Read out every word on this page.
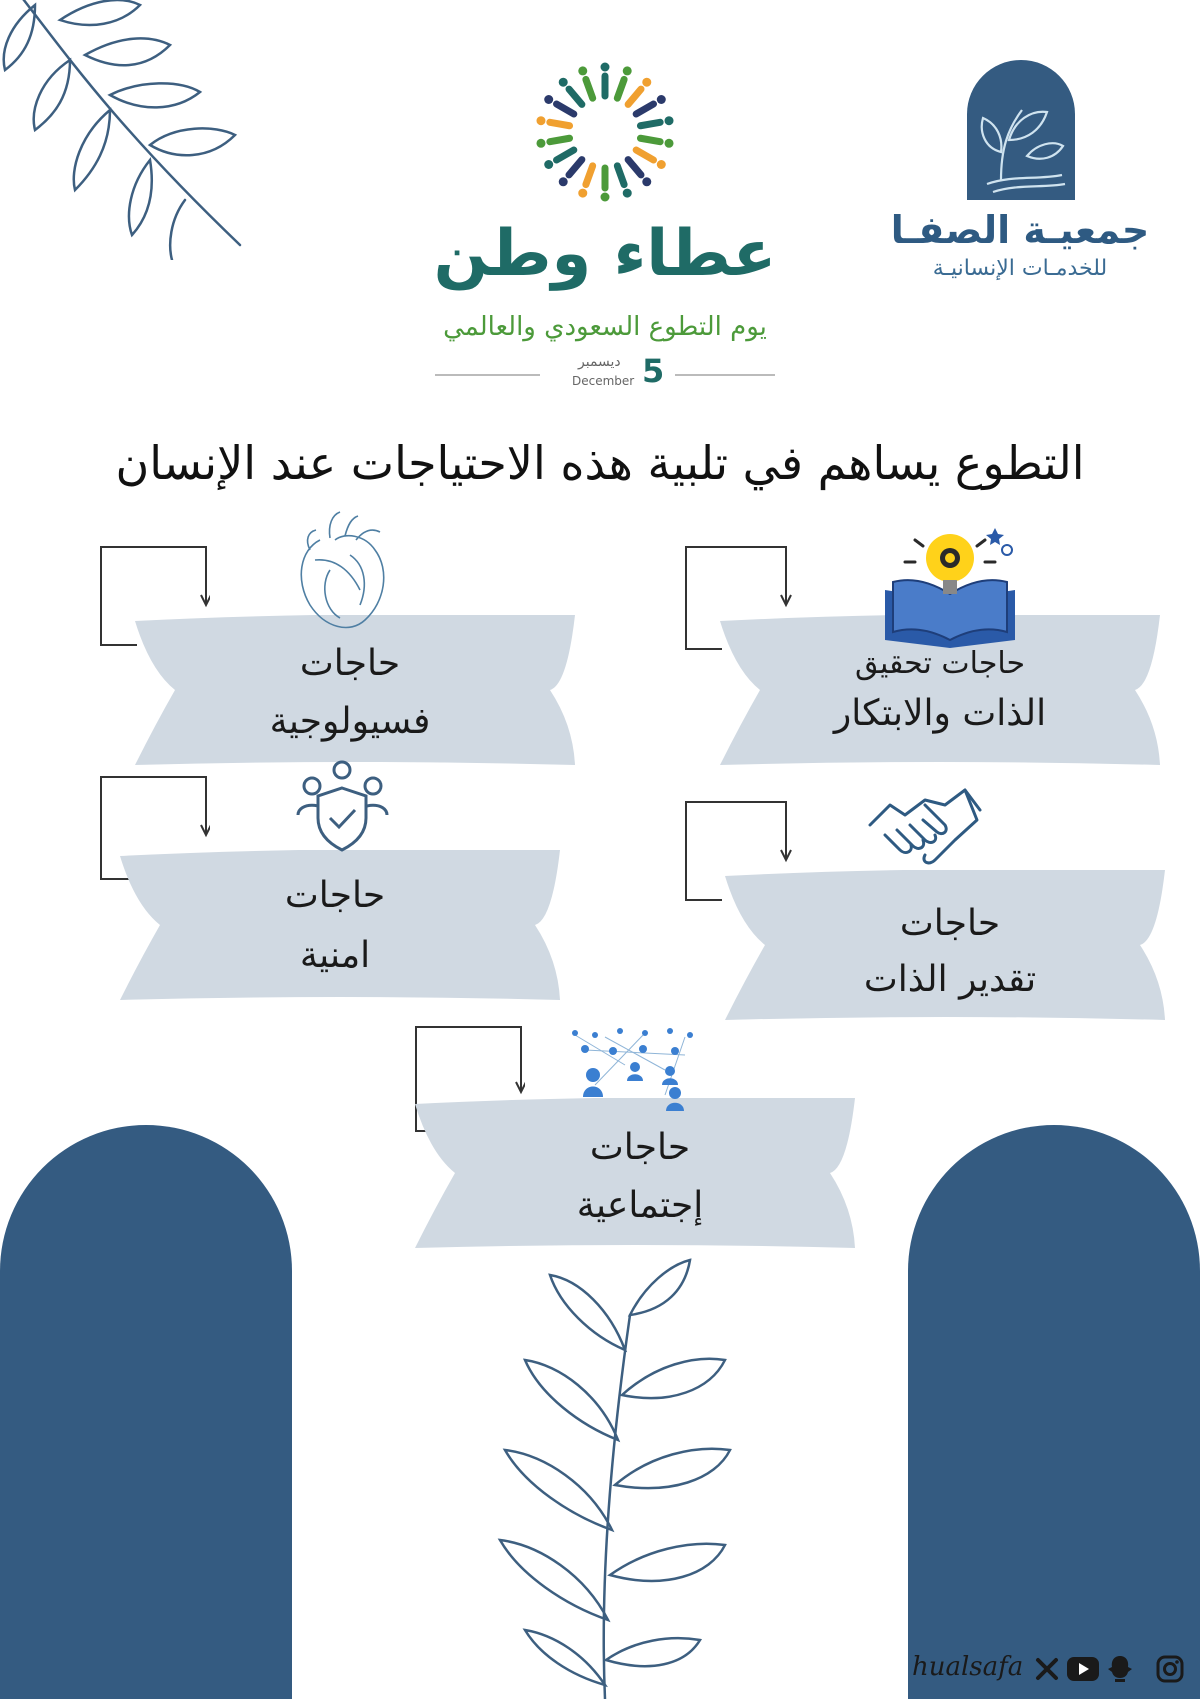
جمعيـة الصفـا
للخدمـات الإنسانيـة
عطاء وطن
يوم التطوع السعودي والعالمي
ديسمبر
December 5
التطوع يساهم في تلبية هذه الاحتياجات عند الإنسان
حاجات تحقيق
الذات والابتكار
حاجات
فسيولوجية
حاجات
تقدير الذات
حاجات
امنية
حاجات
إجتماعية
hualsafa
